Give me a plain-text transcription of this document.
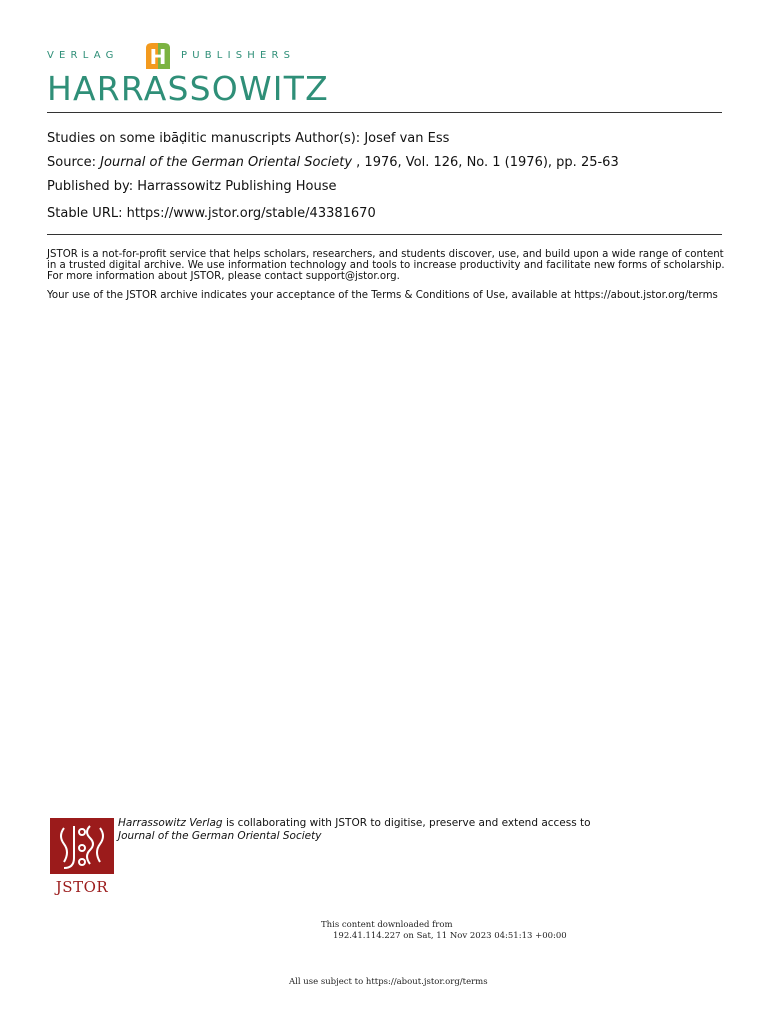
VERLAG	PUBLISHERS
H
HARRASSOWITZ
Studies on some ibāḍitic manuscripts Author(s): Josef van Ess
Source: Journal of the German Oriental Society , 1976, Vol. 126, No. 1 (1976), pp. 25-63
Published by: Harrassowitz Publishing House
Stable URL: https://www.jstor.org/stable/43381670
JSTOR is a not-for-profit service that helps scholars, researchers, and students discover, use, and build upon a wide range of content in a trusted digital archive. We use information technology and tools to increase productivity and facilitate new forms of scholarship. For more information about JSTOR, please contact support@jstor.org.
Your use of the JSTOR archive indicates your acceptance of the Terms & Conditions of Use, available at https://about.jstor.org/terms
JSTOR
Harrassowitz Verlag is collaborating with JSTOR to digitise, preserve and extend access to
Journal of the German Oriental Society
This content downloaded from
192.41.114.227 on Sat, 11 Nov 2023 04:51:13 +00:00
All use subject to https://about.jstor.org/terms
